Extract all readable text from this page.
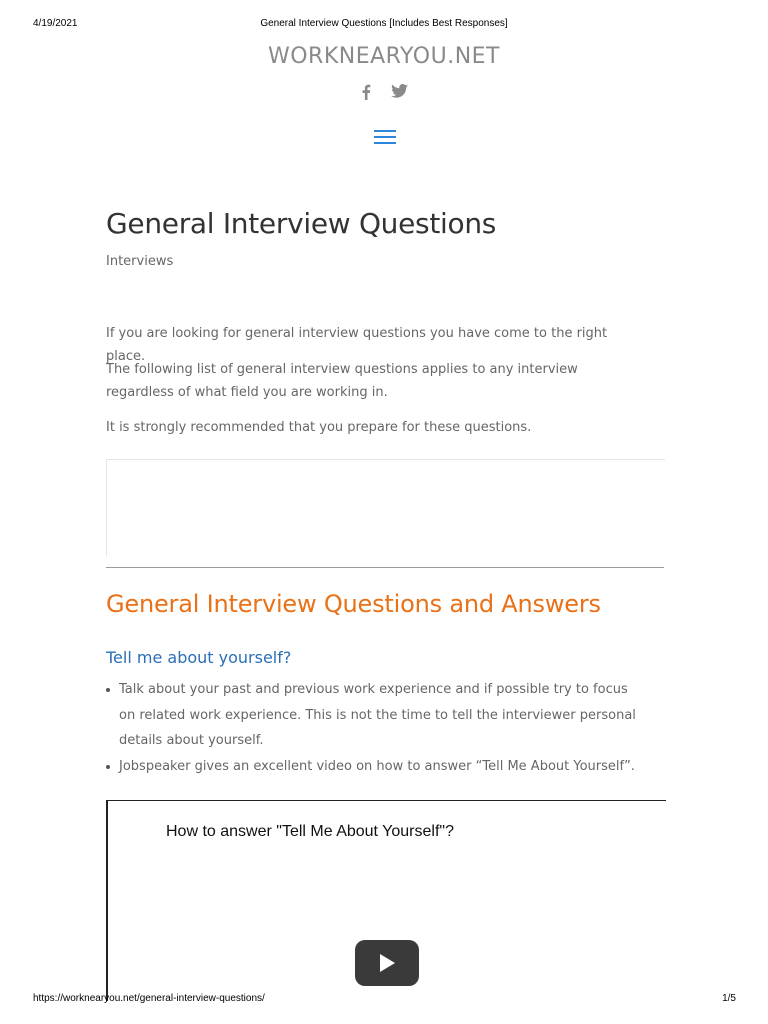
4/19/2021	General Interview Questions [Includes Best Responses]
WORKNEARYOU.NET
General Interview Questions
Interviews

If you are looking for general interview questions you have come to the right place.

The following list of general interview questions applies to any interview regardless of what field you are working in.

It is strongly recommended that you prepare for these questions.

General Interview Questions and Answers
Tell me about yourself?
Talk about your past and previous work experience and if possible try to focus on related work experience. This is not the time to tell the interviewer personal details about yourself.
Jobspeaker gives an excellent video on how to answer “Tell Me About Yourself”.
How to answer "Tell Me About Yourself"?
https://worknearyou.net/general-interview-questions/	1/5
